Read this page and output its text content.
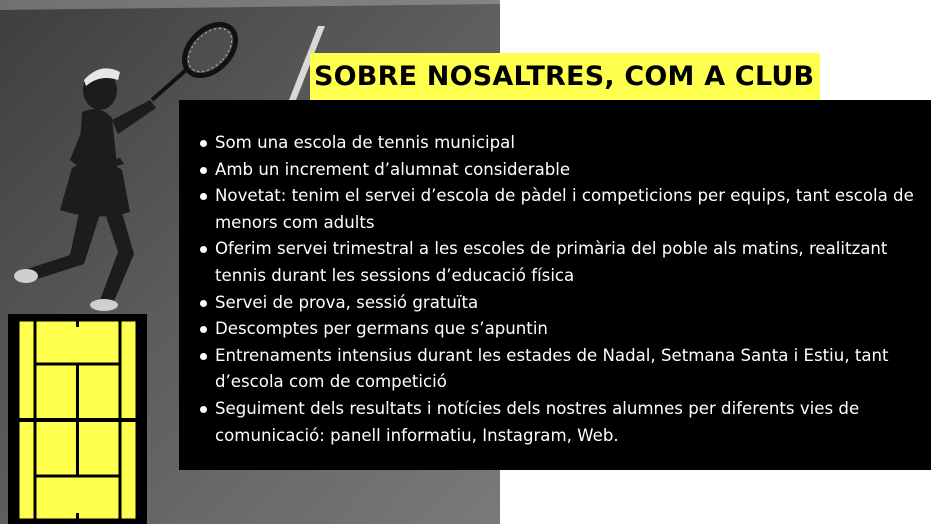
Som una escola de tennis municipal
Amb un increment d’alumnat considerable
Novetat: tenim el servei d’escola de pàdel i competicions per equips, tant escola de menors com adults
Oferim servei trimestral a les escoles de primària del poble als matins, realitzant tennis durant les sessions d’educació física
Servei de prova, sessió gratuïta
Descomptes per germans que s’apuntin
Entrenaments intensius durant les estades de Nadal, Setmana Santa i Estiu, tant d’escola com de competició
Seguiment dels resultats i notícies dels nostres alumnes per diferents vies de comunicació: panell informatiu, Instagram, Web.
SOBRE NOSALTRES, COM A CLUB
